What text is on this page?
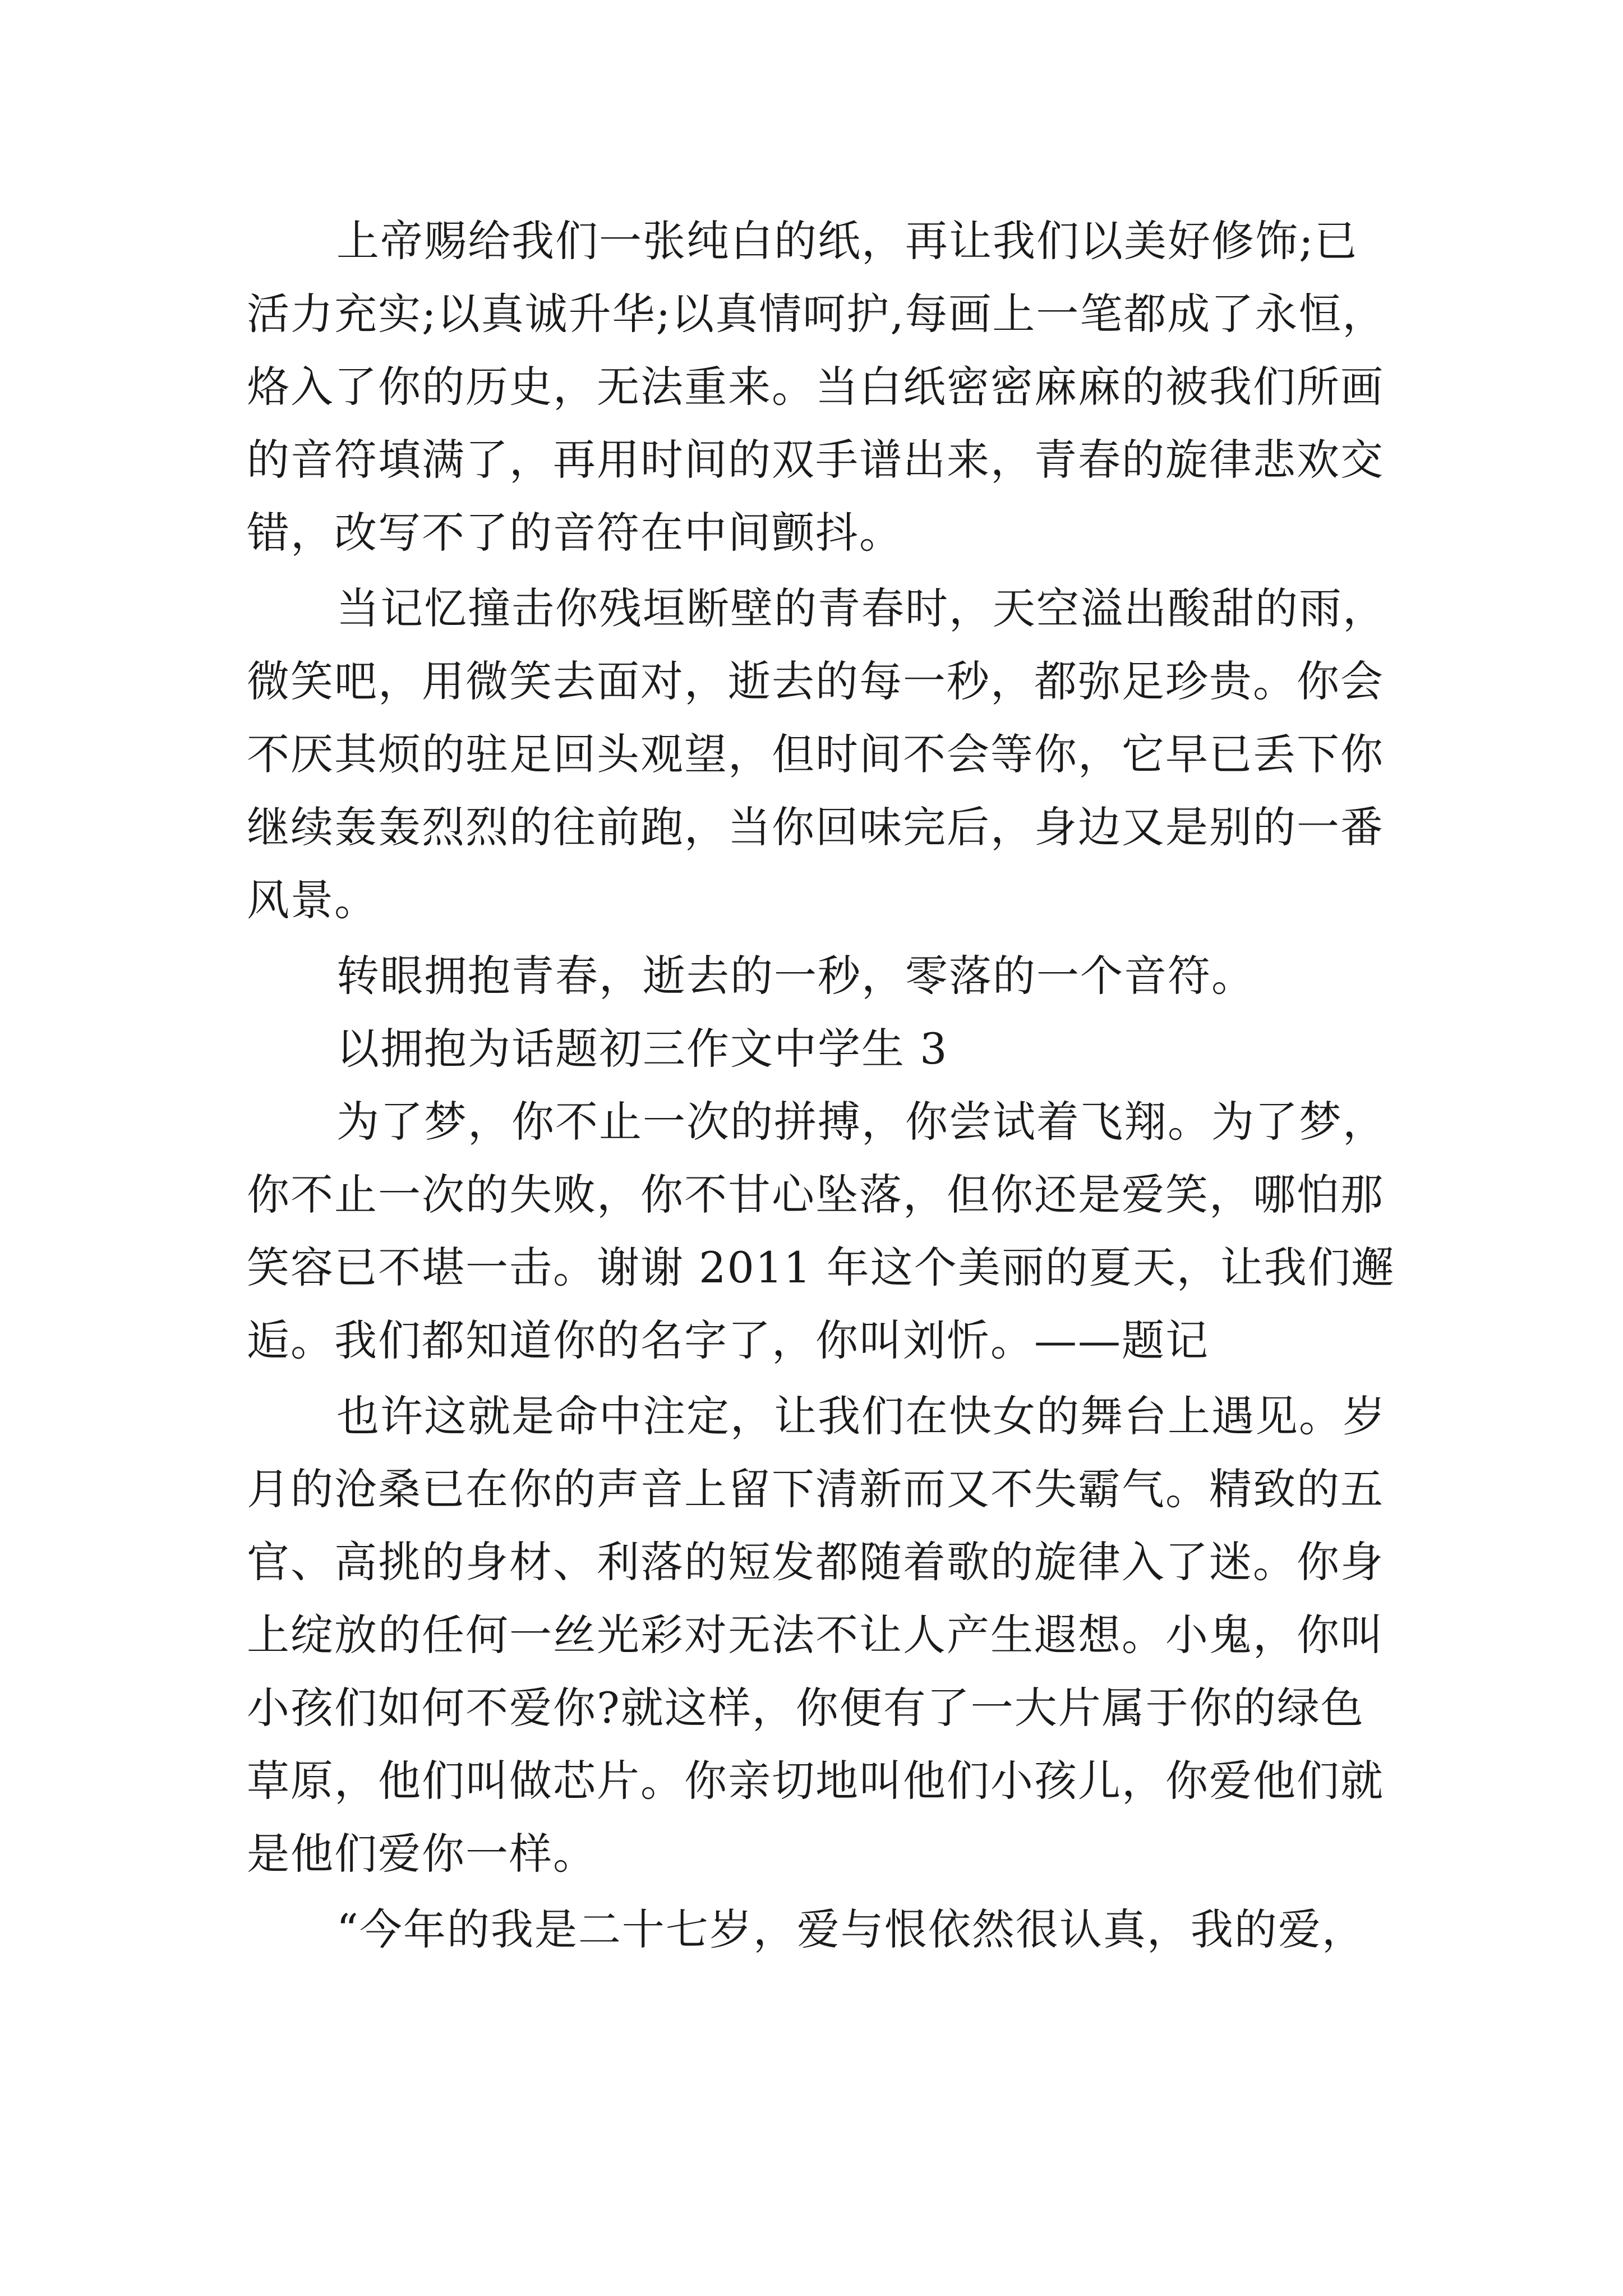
上帝赐给我们一张纯白的纸，再让我们以美好修饰;已
活力充实;以真诚升华;以真情呵护,每画上一笔都成了永恒，
烙入了你的历史，无法重来。当白纸密密麻麻的被我们所画
的音符填满了，再用时间的双手谱出来，青春的旋律悲欢交
错，改写不了的音符在中间颤抖。
当记忆撞击你残垣断壁的青春时，天空溢出酸甜的雨，
微笑吧，用微笑去面对，逝去的每一秒，都弥足珍贵。你会
不厌其烦的驻足回头观望，但时间不会等你，它早已丢下你
继续轰轰烈烈的往前跑，当你回味完后，身边又是别的一番
风景。
转眼拥抱青春，逝去的一秒，零落的一个音符。
以拥抱为话题初三作文中学生 3
为了梦，你不止一次的拼搏，你尝试着飞翔。为了梦，
你不止一次的失败，你不甘心坠落，但你还是爱笑，哪怕那
笑容已不堪一击。谢谢 2011 年这个美丽的夏天，让我们邂
逅。我们都知道你的名字了，你叫刘忻。——题记
也许这就是命中注定，让我们在快女的舞台上遇见。岁
月的沧桑已在你的声音上留下清新而又不失霸气。精致的五
官、高挑的身材、利落的短发都随着歌的旋律入了迷。你身
上绽放的任何一丝光彩对无法不让人产生遐想。小鬼，你叫
小孩们如何不爱你?就这样，你便有了一大片属于你的绿色
草原，他们叫做芯片。你亲切地叫他们小孩儿，你爱他们就
是他们爱你一样。
“今年的我是二十七岁，爱与恨依然很认真，我的爱，
